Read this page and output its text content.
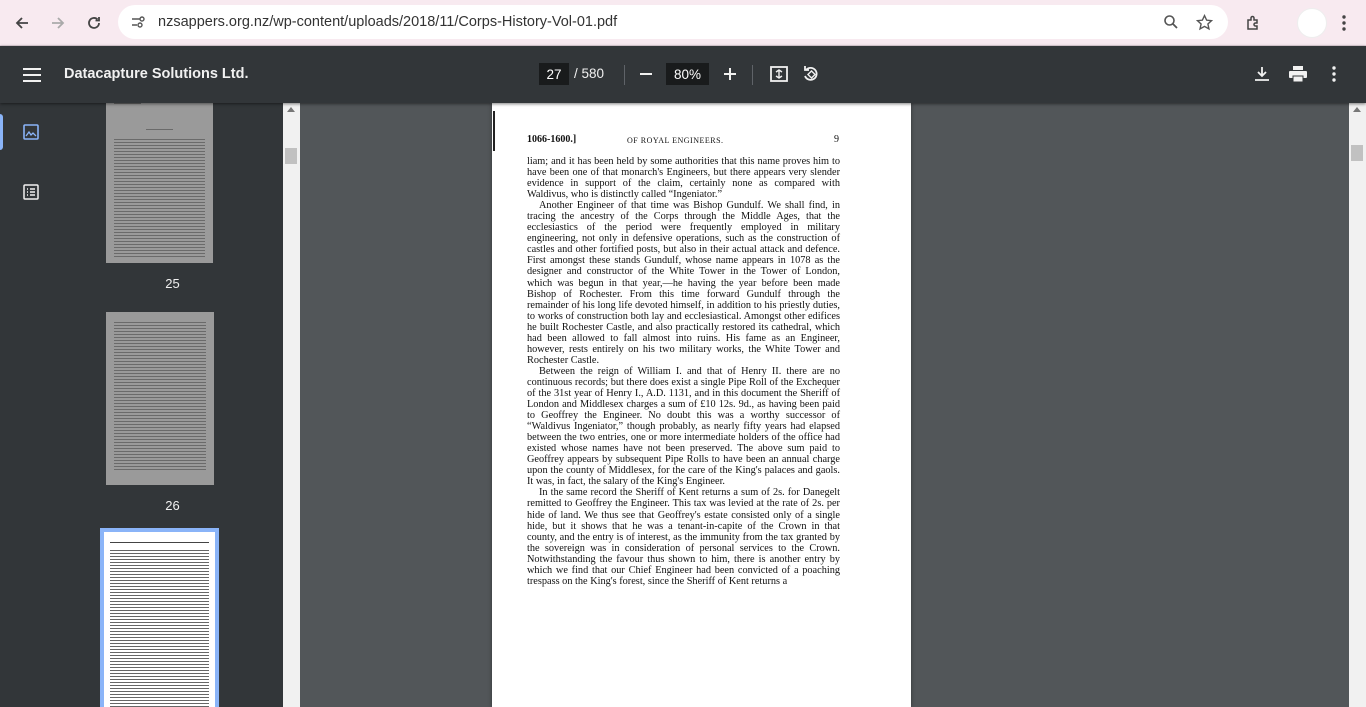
nzsappers.org.nz/wp-content/uploads/2018/11/Corps-History-Vol-01.pdf
Datacapture Solutions Ltd.
27	/ 580
80%
25
26
1066-1600.]	OF ROYAL ENGINEERS.	9

liam; and it has been held by some authorities that this name proves him to have been one of that monarch's Engineers, but there appears very slender evidence in support of the claim, certainly none as compared with Waldivus, who is distinctly called “Ingeniator.”

Another Engineer of that time was Bishop Gundulf. We shall find, in tracing the ancestry of the Corps through the Middle Ages, that the ecclesiastics of the period were frequently employed in military engineering, not only in defensive operations, such as the construction of castles and other fortified posts, but also in their actual attack and defence. First amongst these stands Gundulf, whose name appears in 1078 as the designer and constructor of the White Tower in the Tower of London, which was begun in that year,—he having the year before been made Bishop of Rochester. From this time forward Gundulf through the remainder of his long life devoted himself, in addition to his priestly duties, to works of construction both lay and ecclesiastical. Amongst other edifices he built Rochester Castle, and also practically restored its cathedral, which had been allowed to fall almost into ruins. His fame as an Engineer, however, rests entirely on his two military works, the White Tower and Rochester Castle.

Between the reign of William I. and that of Henry II. there are no continuous records; but there does exist a single Pipe Roll of the Exchequer of the 31st year of Henry I., A.D. 1131, and in this document the Sheriff of London and Middlesex charges a sum of £10 12s. 9d., as having been paid to Geoffrey the Engineer. No doubt this was a worthy successor of “Waldivus Ingeniator,” though probably, as nearly fifty years had elapsed between the two entries, one or more intermediate holders of the office had existed whose names have not been preserved. The above sum paid to Geoffrey appears by subsequent Pipe Rolls to have been an annual charge upon the county of Middlesex, for the care of the King's palaces and gaols. It was, in fact, the salary of the King's Engineer.

In the same record the Sheriff of Kent returns a sum of 2s. for Danegelt remitted to Geoffrey the Engineer. This tax was levied at the rate of 2s. per hide of land. We thus see that Geoffrey's estate consisted only of a single hide, but it shows that he was a tenant-in-capite of the Crown in that county, and the entry is of interest, as the immunity from the tax granted by the sovereign was in consideration of personal services to the Crown. Notwithstanding the favour thus shown to him, there is another entry by which we find that our Chief Engineer had been convicted of a poaching trespass on the King's forest, since the Sheriff of Kent returns a
